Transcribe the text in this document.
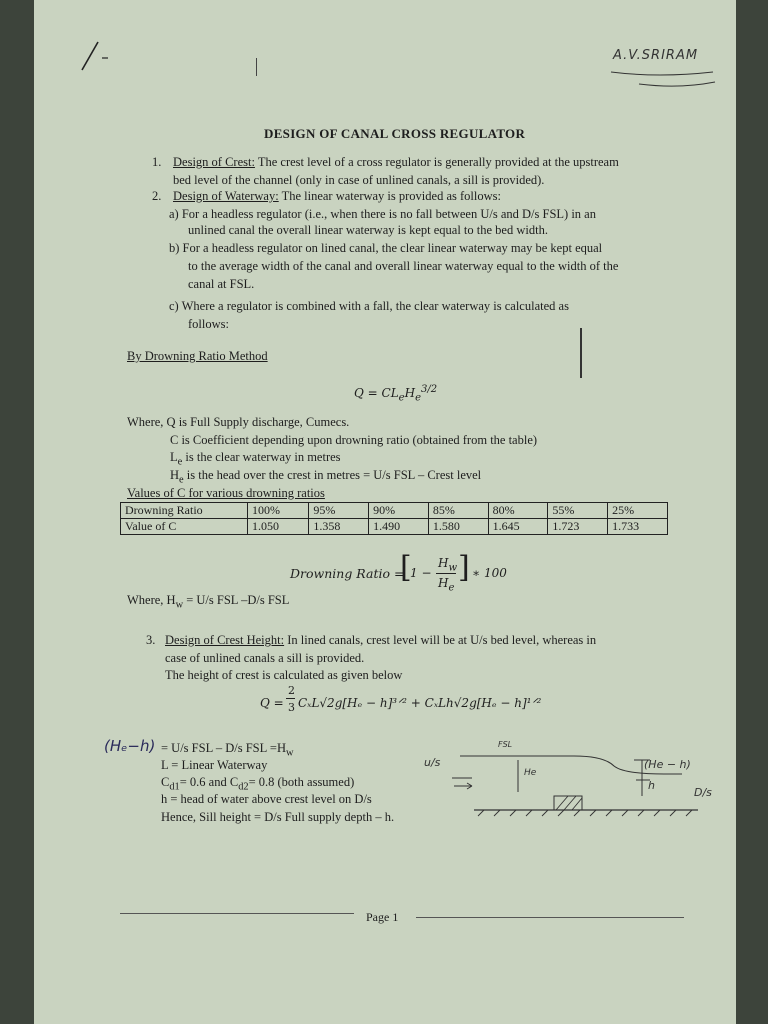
A.V.SRIRAM
DESIGN OF CANAL CROSS REGULATOR
1. Design of Crest: The crest level of a cross regulator is generally provided at the upstream
bed level of the channel (only in case of unlined canals, a sill is provided).
2. Design of Waterway: The linear waterway is provided as follows:
a) For a headless regulator (i.e., when there is no fall between U/s and D/s FSL) in an
unlined canal the overall linear waterway is kept equal to the bed width.
b) For a headless regulator on lined canal, the clear linear waterway may be kept equal
to the average width of the canal and overall linear waterway equal to the width of the
canal at FSL.
c) Where a regulator is combined with a fall, the clear waterway is calculated as
follows:
By Drowning Ratio Method
$Q = CL_eH_e^{3/2}$
Where, Q is Full Supply discharge, Cumecs.
C is Coefficient depending upon drowning ratio (obtained from the table)
$L_e$ is the clear waterway in metres
$H_e$ is the head over the crest in metres = U/s FSL – Crest level
Values of C for various drowning ratios
Drowning Ratio	100%	95%	90%	85%	80%	55%	25%
Value of C	1.050	1.358	1.490	1.580	1.645	1.723	1.733
Drowning Ratio =
[
1 −
$H_w$
$H_e$
] ∗ 100
Where, $H_w = U/s$ FSL –D/s FSL
3. Design of Crest Height: In lined canals, crest level will be at U/s bed level, whereas in
case of unlined canals a sill is provided.
The height of crest is calculated as given below
Q =
2
3 CₓL√2g[Hₑ − h]³ᐟ² + CₓLh√2g[Hₑ − h]¹ᐟ²
(Hₑ−h) = U/s FSL – D/s FSL $=H_w$
L = Linear Waterway
$C_{d1}= 0.6$ and $C_{d2}= 0.8$ (both assumed)
h = head of water above crest level on D/s
Hence, Sill height = D/s Full supply depth – h.
FSL
u/s
He
(He − h)
h
D/s
Page 1
